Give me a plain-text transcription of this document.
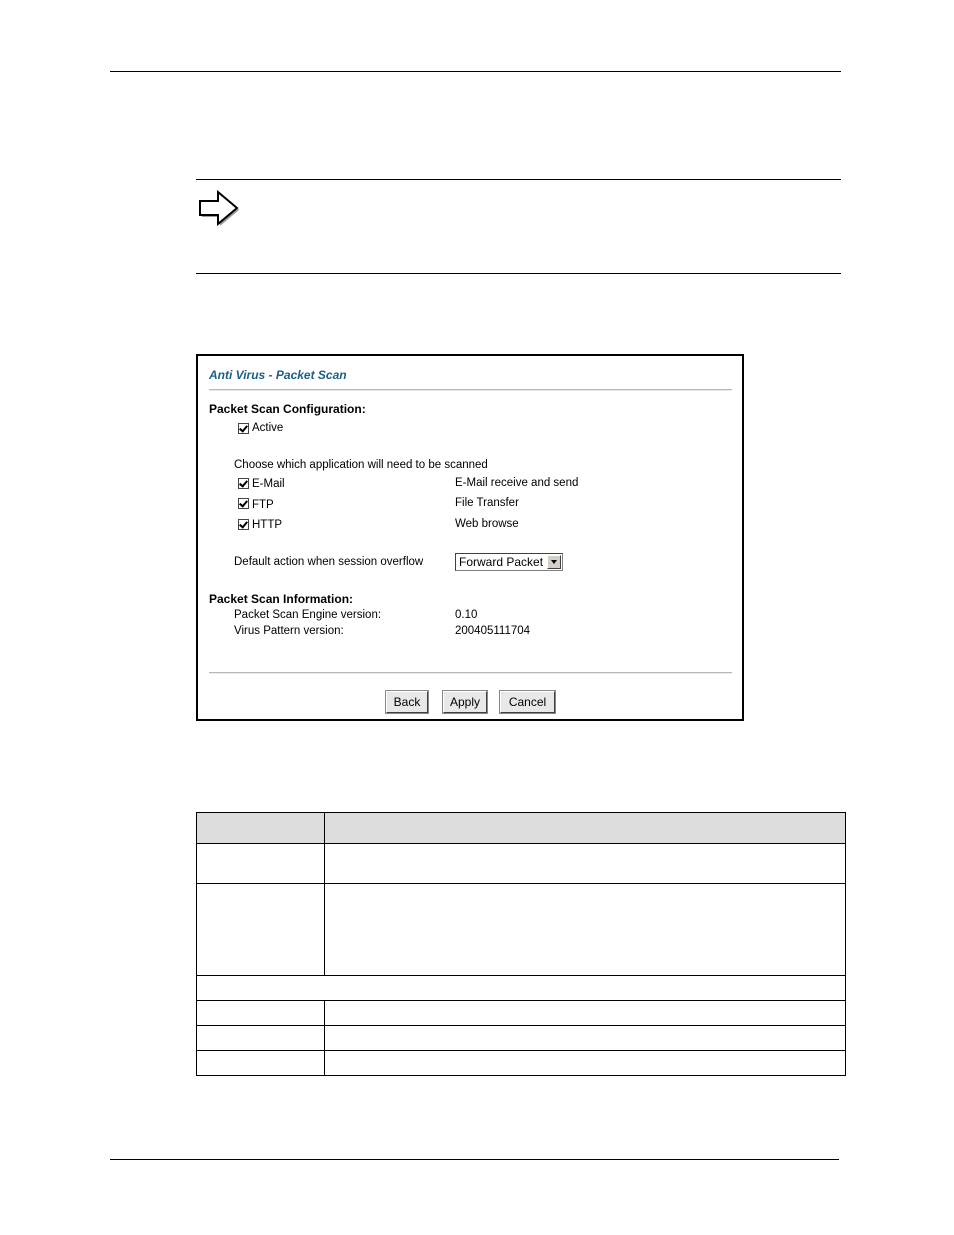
Anti Virus - Packet Scan
Packet Scan Configuration:
Active
Choose which application will need to be scanned
E-Mail	E-Mail receive and send
FTP	File Transfer
HTTP	Web browse
Default action when session overflow	Forward Packet
Packet Scan Information:
Packet Scan Engine version:	0.10
Virus Pattern version:	200405111704
Back	Apply	Cancel
